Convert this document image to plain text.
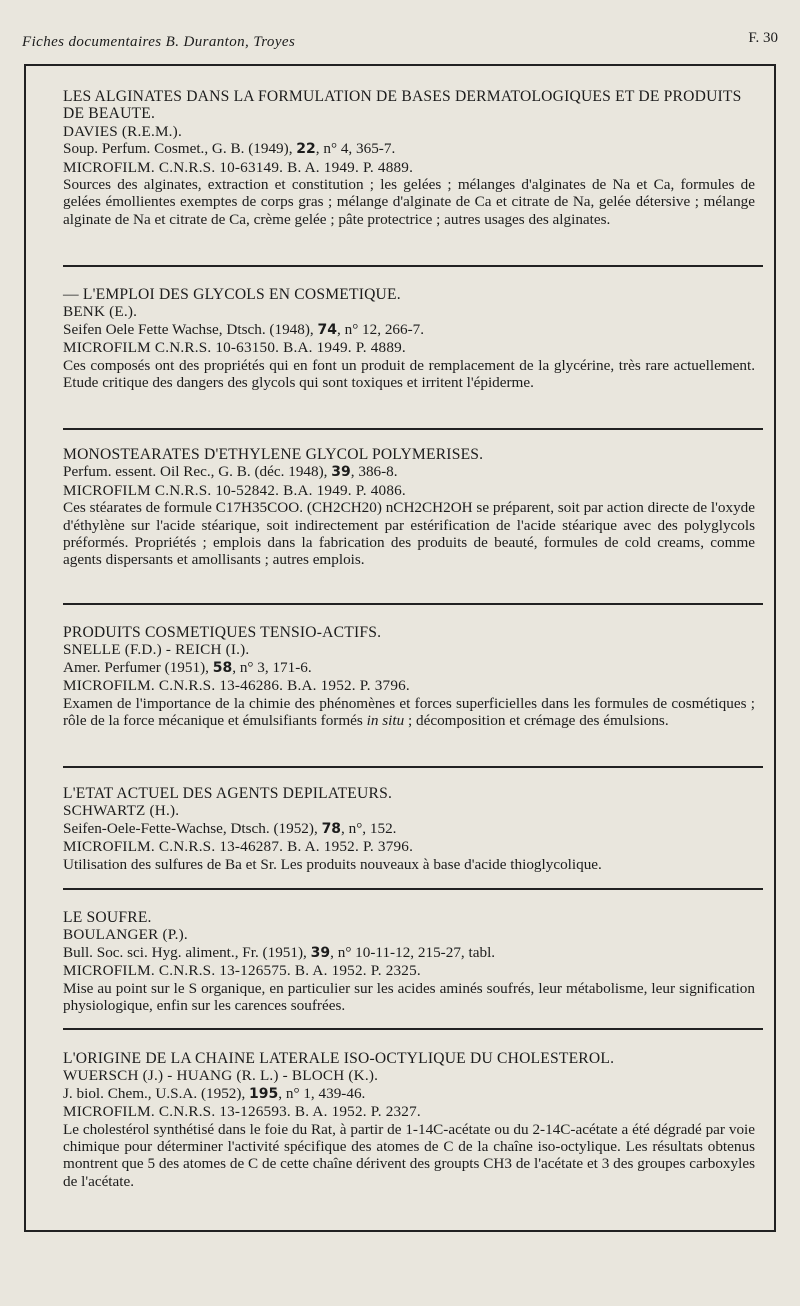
Fiches documentaires B. Duranton, Troyes	F. 30

LES ALGINATES DANS LA FORMULATION DE BASES DERMATOLOGIQUES ET DE PRODUITS DE BEAUTE.

DAVIES (R.E.M.).

Soup. Perfum. Cosmet., G. B. (1949), 22, n° 4, 365-7.

MICROFILM. C.N.R.S. 10-63149. B. A. 1949. P. 4889.

Sources des alginates, extraction et constitution ; les gelées ; mélanges d'alginates de Na et Ca, formules de gelées émollientes exemptes de corps gras ; mélange d'alginate de Ca et citrate de Na, gelée détersive ; mélange alginate de Na et citrate de Ca, crème gelée ; pâte protectrice ; autres usages des alginates.

— L'EMPLOI DES GLYCOLS EN COSMETIQUE.

BENK (E.).

Seifen Oele Fette Wachse, Dtsch. (1948), 74, n° 12, 266-7.

MICROFILM C.N.R.S. 10-63150. B.A. 1949. P. 4889.

Ces composés ont des propriétés qui en font un produit de remplacement de la glycérine, très rare actuellement. Etude critique des dangers des glycols qui sont toxiques et irritent l'épiderme.

MONOSTEARATES D'ETHYLENE GLYCOL POLYMERISES.

Perfum. essent. Oil Rec., G. B. (déc. 1948), 39, 386-8.

MICROFILM C.N.R.S. 10-52842. B.A. 1949. P. 4086.

Ces stéarates de formule C17H35COO. (CH2CH20) nCH2CH2OH se préparent, soit par action directe de l'oxyde d'éthylène sur l'acide stéarique, soit indirectement par estérification de l'acide stéarique avec des polyglycols préformés. Propriétés ; emplois dans la fabrication des produits de beauté, formules de cold creams, comme agents dispersants et amollisants ; autres emplois.

PRODUITS COSMETIQUES TENSIO-ACTIFS.

SNELLE (F.D.) - REICH (I.).

Amer. Perfumer (1951), 58, n° 3, 171-6.

MICROFILM. C.N.R.S. 13-46286. B.A. 1952. P. 3796.

Examen de l'importance de la chimie des phénomènes et forces superficielles dans les formules de cosmétiques ; rôle de la force mécanique et émulsifiants formés in situ ; décomposition et crémage des émulsions.

L'ETAT ACTUEL DES AGENTS DEPILATEURS.

SCHWARTZ (H.).

Seifen-Oele-Fette-Wachse, Dtsch. (1952), 78, n°, 152.

MICROFILM. C.N.R.S. 13-46287. B. A. 1952. P. 3796.

Utilisation des sulfures de Ba et Sr. Les produits nouveaux à base d'acide thioglycolique.

LE SOUFRE.

BOULANGER (P.).

Bull. Soc. sci. Hyg. aliment., Fr. (1951), 39, n° 10-11-12, 215-27, tabl.

MICROFILM. C.N.R.S. 13-126575. B. A. 1952. P. 2325.

Mise au point sur le S organique, en particulier sur les acides aminés soufrés, leur métabolisme, leur signification physiologique, enfin sur les carences soufrées.

L'ORIGINE DE LA CHAINE LATERALE ISO-OCTYLIQUE DU CHOLESTEROL.

WUERSCH (J.) - HUANG (R. L.) - BLOCH (K.).

J. biol. Chem., U.S.A. (1952), 195, n° 1, 439-46.

MICROFILM. C.N.R.S. 13-126593. B. A. 1952. P. 2327.

Le cholestérol synthétisé dans le foie du Rat, à partir de 1-14C-acétate ou du 2-14C-acétate a été dégradé par voie chimique pour déterminer l'activité spécifique des atomes de C de la chaîne iso-octylique. Les résultats obtenus montrent que 5 des atomes de C de cette chaîne dérivent des groupts CH3 de l'acétate et 3 des groupes carboxyles de l'acétate.
